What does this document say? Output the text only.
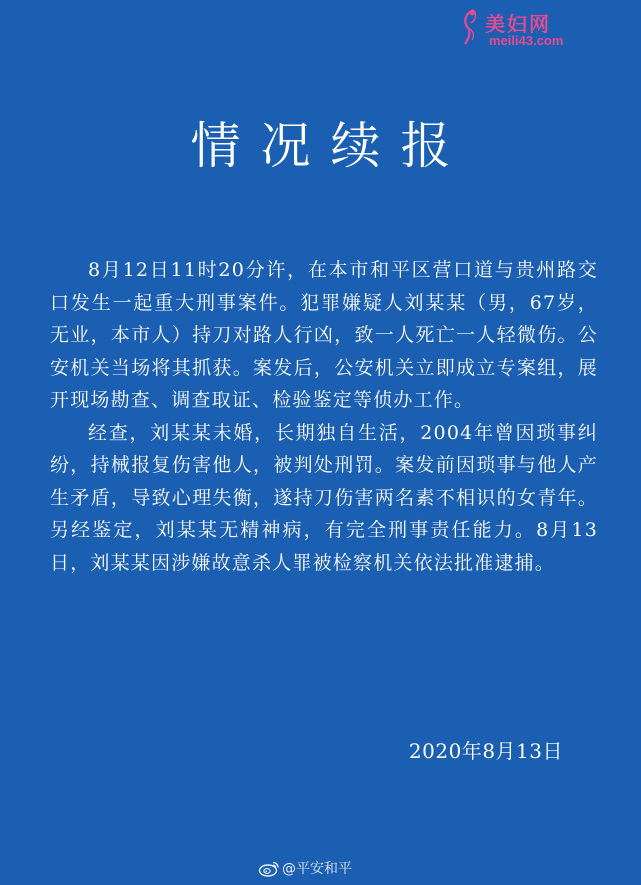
美妇网
meili43.com
情况续报

8月12日11时20分许，在本市和平区营口道与贵州路交口发生一起重大刑事案件。犯罪嫌疑人刘某某（男，67岁，无业，本市人）持刀对路人行凶，致一人死亡一人轻微伤。公安机关当场将其抓获。案发后，公安机关立即成立专案组，展开现场勘查、调查取证、检验鉴定等侦办工作。

经查，刘某某未婚，长期独自生活，2004年曾因琐事纠纷，持械报复伤害他人，被判处刑罚。案发前因琐事与他人产生矛盾，导致心理失衡，遂持刀伤害两名素不相识的女青年。另经鉴定，刘某某无精神病，有完全刑事责任能力。8月13日，刘某某因涉嫌故意杀人罪被检察机关依法批准逮捕。

2020年8月13日
@平安和平
